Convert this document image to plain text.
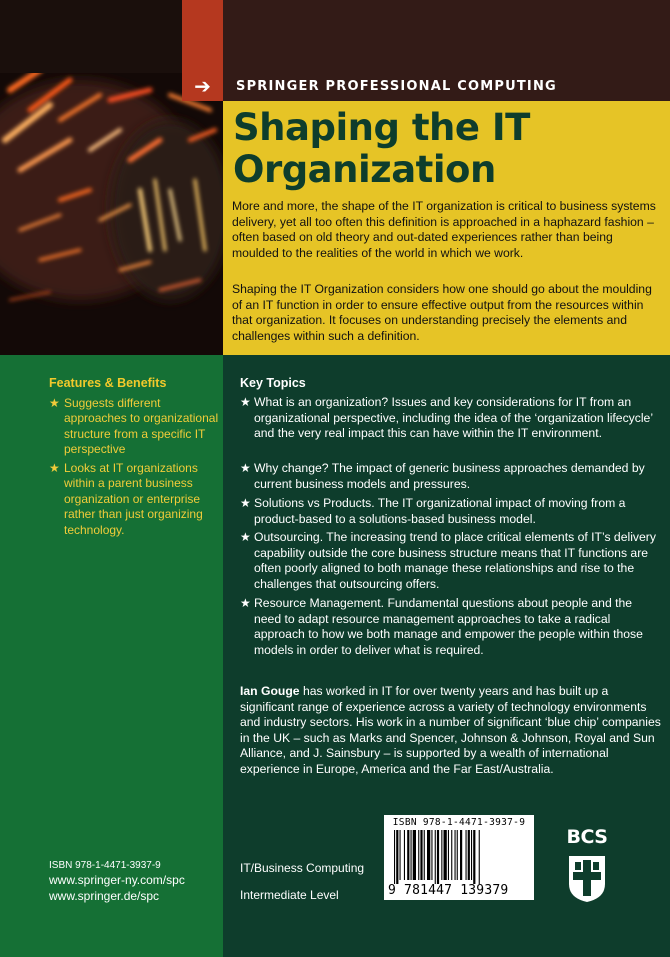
➔	SPRINGER PROFESSIONAL COMPUTING
Shaping the IT Organization

More and more, the shape of the IT organization is critical to business systems delivery, yet all too often this definition is approached in a haphazard fashion – often based on old theory and out-dated experiences rather than being moulded to the realities of the world in which we work.

Shaping the IT Organization considers how one should go about the moulding of an IT function in order to ensure effective output from the resources within that organization. It focuses on understanding precisely the elements and challenges within such a definition.

Features & Benefits
★ Suggests different approaches to organizational structure from a specific IT perspective
★ Looks at IT organizations within a parent business organization or enterprise rather than just organizing technology.
ISBN 978-1-4471-3937-9
www.springer-ny.com/spc
www.springer.de/spc
Key Topics
★ What is an organization? Issues and key considerations for IT from an organizational perspective, including the idea of the ‘organization lifecycle’ and the very real impact this can have within the IT environment.
★ Why change? The impact of generic business approaches demanded by current business models and pressures.
★ Solutions vs Products. The IT organizational impact of moving from a product-based to a solutions-based business model.
★ Outsourcing. The increasing trend to place critical elements of IT’s delivery capability outside the core business structure means that IT functions are often poorly aligned to both manage these relationships and rise to the challenges that outsourcing offers.
★ Resource Management. Fundamental questions about people and the need to adapt resource management approaches to take a radical approach to how we both manage and empower the people within those models in order to deliver what is required.

Ian Gouge has worked in IT for over twenty years and has built up a significant range of experience across a variety of technology environments and industry sectors. His work in a number of significant ‘blue chip’ companies in the UK – such as Marks and Spencer, Johnson & Johnson, Royal and Sun Alliance, and J. Sainsbury – is supported by a wealth of international experience in Europe, America and the Far East/Australia.

IT/Business Computing
Intermediate Level
ISBN 978-1-4471-3937-9
9 781447 139379
BCS
